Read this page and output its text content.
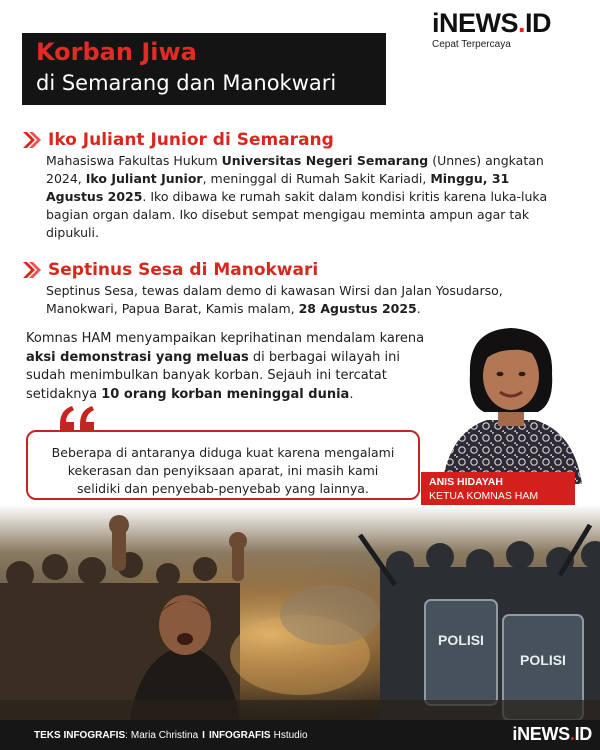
iNEWS.ID
Cepat Terpercaya
Korban Jiwa
di Semarang dan Manokwari
Iko Juliant Junior di Semarang
Mahasiswa Fakultas Hukum Universitas Negeri Semarang (Unnes) angkatan 2024, Iko Juliant Junior, meninggal di Rumah Sakit Kariadi, Minggu, 31 Agustus 2025. Iko dibawa ke rumah sakit dalam kondisi kritis karena luka-luka bagian organ dalam. Iko disebut sempat mengigau meminta ampun agar tak dipukuli.
Septinus Sesa di Manokwari
Septinus Sesa, tewas dalam demo di kawasan Wirsi dan Jalan Yosudarso, Manokwari, Papua Barat, Kamis malam, 28 Agustus 2025.
Komnas HAM menyampaikan keprihatinan mendalam karena aksi demonstrasi yang meluas di berbagai wilayah ini sudah menimbulkan banyak korban. Sejauh ini tercatat setidaknya 10 orang korban meninggal dunia.
Beberapa di antaranya diduga kuat karena mengalami
kekerasan dan penyiksaan aparat, ini masih kami
selidiki dan penyebab-penyebab yang lainnya.	ANIS HIDAYAH
KETUA KOMNAS HAM
POLISI
POLISI
TEKS INFOGRAFIS : Maria Christina I INFOGRAFIS Hstudio	iNEWS.ID
